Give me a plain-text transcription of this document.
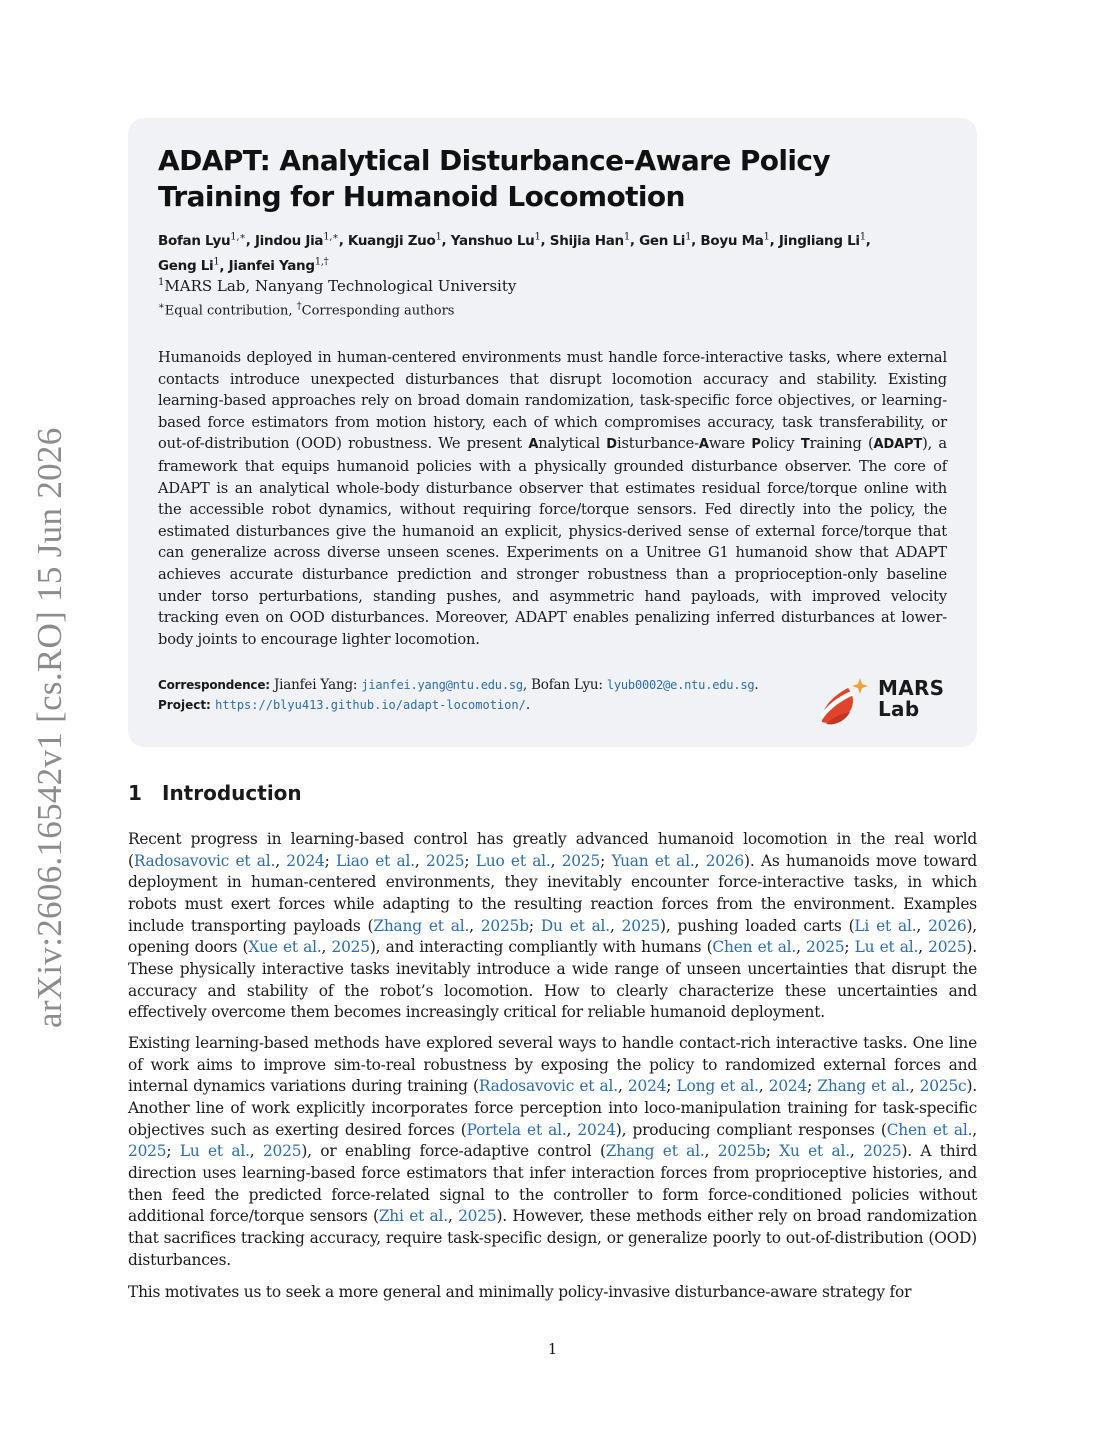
arXiv:2606.16542v1 [cs.RO] 15 Jun 2026
ADAPT: Analytical Disturbance-Aware Policy Training for Humanoid Locomotion
Bofan Lyu$^{1,∗}$, Jindou Jia$^{1,∗}$, Kuangji Zuo$^1$, Yanshuo Lu$^1$, Shijia Han$^1$, Gen Li$^1$, Boyu Ma$^1$, Jingliang Li$^1$,
Geng Li$^1$, Jianfei Yang$^{1,\dagger}$
$^1$MARS Lab, Nanyang Technological University
∗Equal contribution, †Corresponding authors

Humanoids deployed in human-centered environments must handle force-interactive tasks, where external contacts introduce unexpected disturbances that disrupt locomotion accuracy and stability. Existing learning-based approaches rely on broad domain randomization, task-specific force objectives, or learning-based force estimators from motion history, each of which compromises accuracy, task transferability, or out-of-distribution (OOD) robustness. We present Analytical Disturbance-Aware Policy Training (ADAPT), a framework that equips humanoid policies with a physically grounded disturbance observer. The core of ADAPT is an analytical whole-body disturbance observer that estimates residual force/torque online with the accessible robot dynamics, without requiring force/torque sensors. Fed directly into the policy, the estimated disturbances give the humanoid an explicit, physics-derived sense of external force/torque that can generalize across diverse unseen scenes. Experiments on a Unitree G1 humanoid show that ADAPT achieves accurate disturbance prediction and stronger robustness than a proprioception-only baseline under torso perturbations, standing pushes, and asymmetric hand payloads, with improved velocity tracking even on OOD disturbances. Moreover, ADAPT enables penalizing inferred disturbances at lower-body joints to encourage lighter locomotion.

Correspondence: Jianfei Yang: jianfei.yang@ntu.edu.sg, Bofan Lyu: lyub0002@e.ntu.edu.sg.
Project: https://blyu413.github.io/adapt-locomotion/.
MARS
Lab
1 Introduction

Recent progress in learning-based control has greatly advanced humanoid locomotion in the real world (Radosavovic et al., 2024; Liao et al., 2025; Luo et al., 2025; Yuan et al., 2026). As humanoids move toward deployment in human-centered environments, they inevitably encounter force-interactive tasks, in which robots must exert forces while adapting to the resulting reaction forces from the environment. Examples include transporting payloads (Zhang et al., 2025b; Du et al., 2025), pushing loaded carts (Li et al., 2026), opening doors (Xue et al., 2025), and interacting compliantly with humans (Chen et al., 2025; Lu et al., 2025). These physically interactive tasks inevitably introduce a wide range of unseen uncertainties that disrupt the accuracy and stability of the robot’s locomotion. How to clearly characterize these uncertainties and effectively overcome them becomes increasingly critical for reliable humanoid deployment.

Existing learning-based methods have explored several ways to handle contact-rich interactive tasks. One line of work aims to improve sim-to-real robustness by exposing the policy to randomized external forces and internal dynamics variations during training (Radosavovic et al., 2024; Long et al., 2024; Zhang et al., 2025c). Another line of work explicitly incorporates force perception into loco-manipulation training for task-specific objectives such as exerting desired forces (Portela et al., 2024), producing compliant responses (Chen et al., 2025; Lu et al., 2025), or enabling force-adaptive control (Zhang et al., 2025b; Xu et al., 2025). A third direction uses learning-based force estimators that infer interaction forces from proprioceptive histories, and then feed the predicted force-related signal to the controller to form force-conditioned policies without additional force/torque sensors (Zhi et al., 2025). However, these methods either rely on broad randomization that sacrifices tracking accuracy, require task-specific design, or generalize poorly to out-of-distribution (OOD) disturbances.

This motivates us to seek a more general and minimally policy-invasive disturbance-aware strategy for

1
